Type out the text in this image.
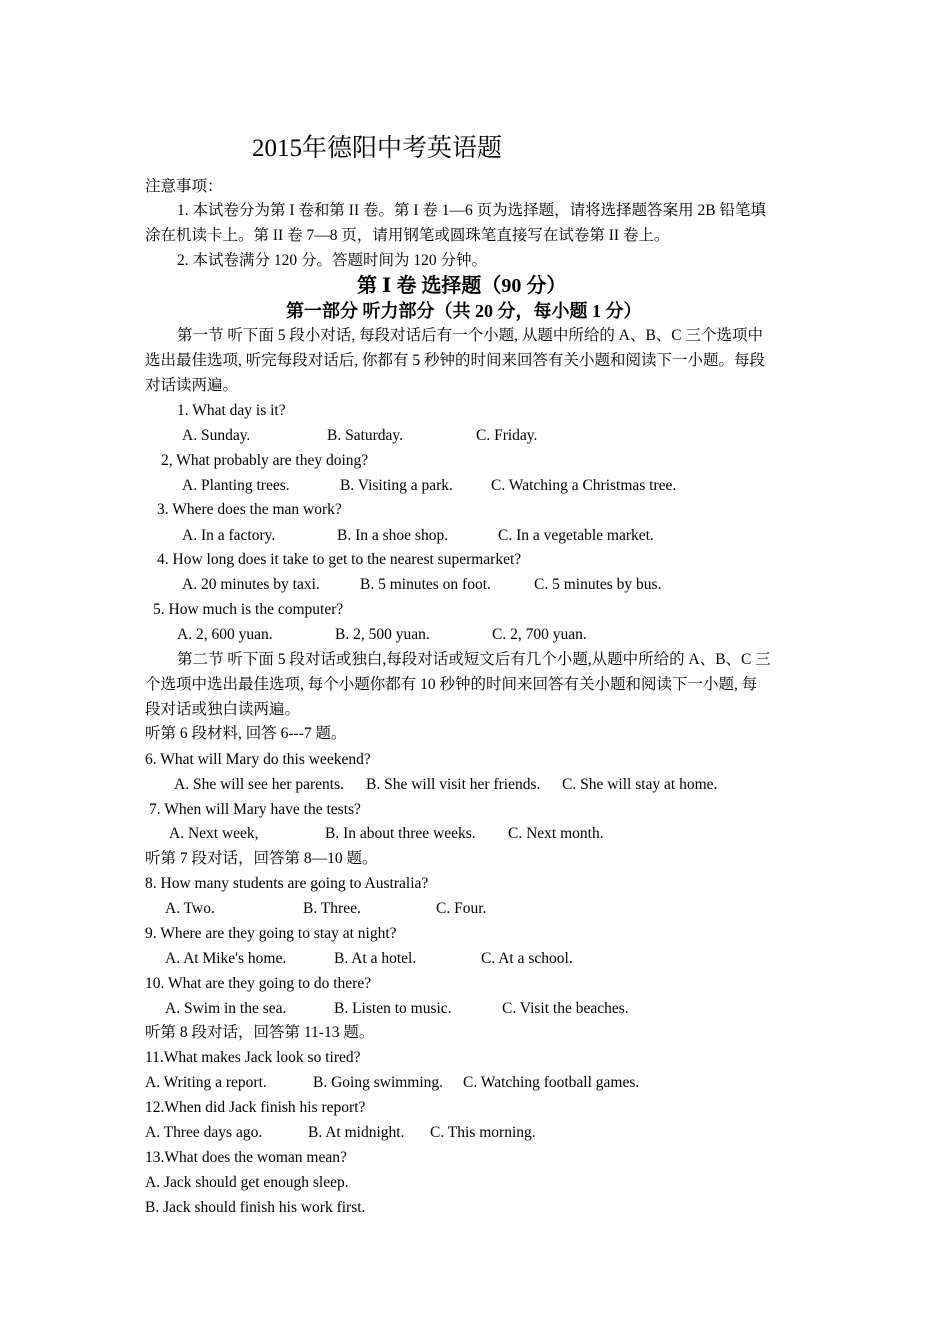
2015年德阳中考英语题
注意事项：
1. 本试卷分为第 I 卷和第 II 卷。第 I 卷 1—6 页为选择题，请将选择题答案用 2B 铅笔填
涂在机读卡上。第 II 卷 7—8 页，请用钢笔或圆珠笔直接写在试卷第 II 卷上。
2. 本试卷满分 120 分。答题时间为 120 分钟。
第 Ⅰ 卷 选择题（90 分）
第一部分 听力部分（共 20 分，每小题 1 分）
第一节 听下面 5 段小对话, 每段对话后有一个小题, 从题中所给的 A、B、C 三个选项中
选出最佳选项, 听完每段对话后, 你都有 5 秒钟的时间来回答有关小题和阅读下一小题。每段
对话读两遍。
1. What day is it?
A. Sunday.	B. Saturday.	C. Friday.
2, What probably are they doing?
A. Planting trees.	B. Visiting a park. C. Watching a Christmas tree.
3. Where does the man work?
A. In a factory.	B. In a shoe shop.	C. In a vegetable market.
4. How long does it take to get to the nearest supermarket?
A. 20 minutes by taxi.	B. 5 minutes on foot.	C. 5 minutes by bus.
5. How much is the computer?
A. 2, 600 yuan.	B. 2, 500 yuan.	C. 2, 700 yuan.
第二节 听下面 5 段对话或独白,每段对话或短文后有几个小题,从题中所给的 A、B、C 三
个选项中选出最佳选项, 每个小题你都有 10 秒钟的时间来回答有关小题和阅读下一小题, 每
段对话或独白读两遍。
听第 6 段材料, 回答 6---7 题。
6. What will Mary do this weekend?
A. She will see her parents. B. She will visit her friends. C. She will stay at home.
7. When will Mary have the tests?
A. Next week,	B. In about three weeks. C. Next month.
听第 7 段对话，回答第 8—10 题。
8. How many students are going to Australia?
A. Two.	B. Three.	C. Four.
9. Where are they going to stay at night?
A. At Mike's home.	B. At a hotel.	C. At a school.
10. What are they going to do there?
A. Swim in the sea.	B. Listen to music.	C. Visit the beaches.
听第 8 段对话，回答第 11-13 题。
11.What makes Jack look so tired?
A. Writing a report.	B. Going swimming. C. Watching football games.
12.When did Jack finish his report?
A. Three days ago.	B. At midnight. C. This morning.
13.What does the woman mean?
A. Jack should get enough sleep.
B. Jack should finish his work first.
